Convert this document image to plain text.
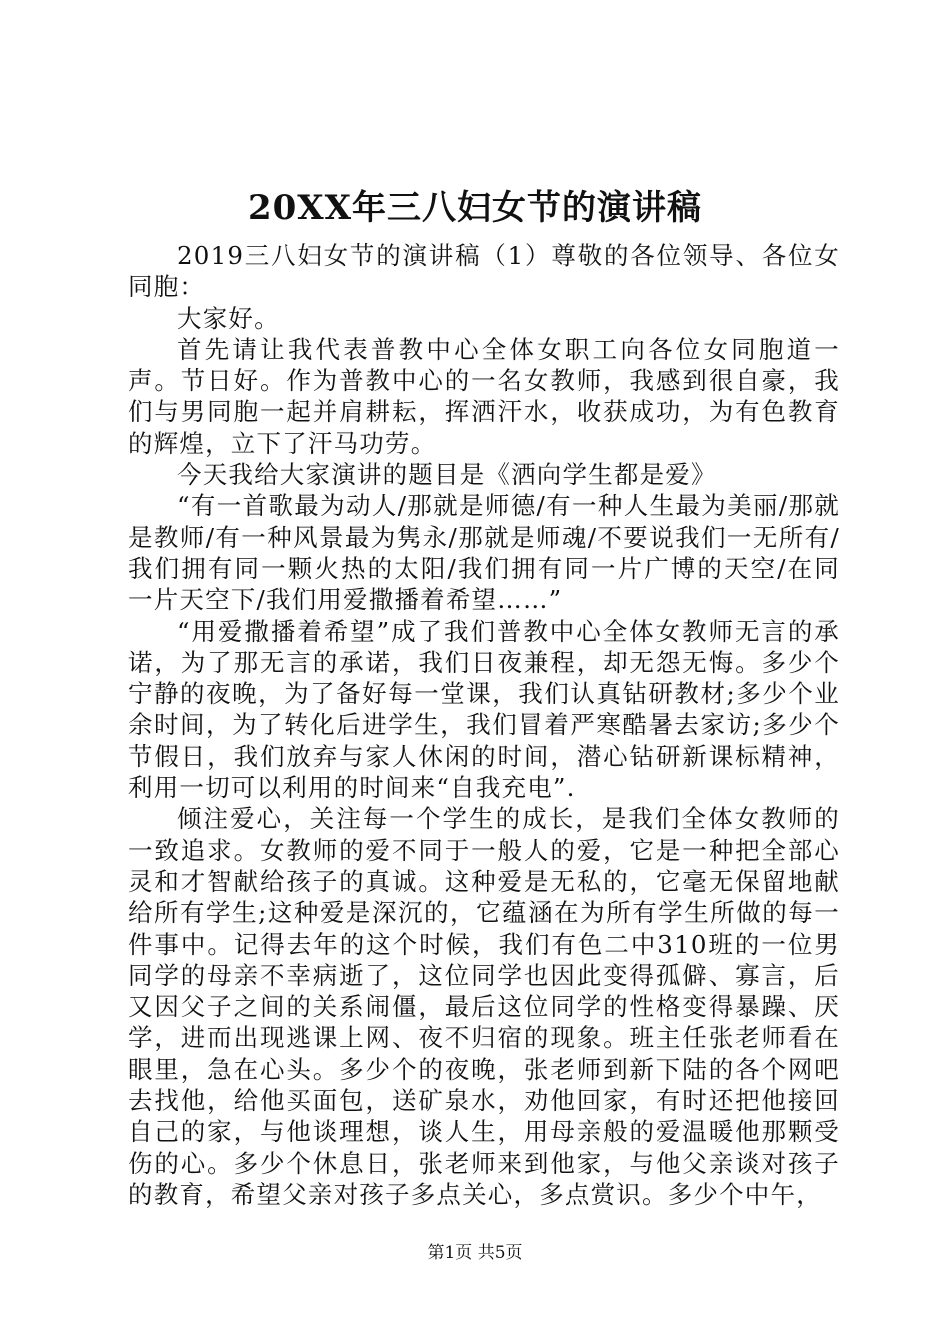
20XX年三八妇女节的演讲稿

2019三八妇女节的演讲稿（1）尊敬的各位领导、各位女同胞：

大家好。

首先请让我代表普教中心全体女职工向各位女同胞道一声。节日好。作为普教中心的一名女教师，我感到很自豪，我们与男同胞一起并肩耕耘，挥洒汗水，收获成功，为有色教育的辉煌，立下了汗马功劳。

今天我给大家演讲的题目是《洒向学生都是爱》

“有一首歌最为动人/那就是师德/有一种人生最为美丽/那就是教师/有一种风景最为隽永/那就是师魂/不要说我们一无所有/我们拥有同一颗火热的太阳/我们拥有同一片广博的天空/在同一片天空下/我们用爱撒播着希望……”

“用爱撒播着希望”成了我们普教中心全体女教师无言的承诺，为了那无言的承诺，我们日夜兼程，却无怨无悔。多少个宁静的夜晚，为了备好每一堂课，我们认真钻研教材;多少个业余时间，为了转化后进学生，我们冒着严寒酷暑去家访;多少个节假日，我们放弃与家人休闲的时间，潜心钻研新课标精神，利用一切可以利用的时间来“自我充电”.

倾注爱心，关注每一个学生的成长，是我们全体女教师的一致追求。女教师的爱不同于一般人的爱，它是一种把全部心灵和才智献给孩子的真诚。这种爱是无私的，它毫无保留地献给所有学生;这种爱是深沉的，它蕴涵在为所有学生所做的每一件事中。记得去年的这个时候，我们有色二中310班的一位男同学的母亲不幸病逝了，这位同学也因此变得孤僻、寡言，后又因父子之间的关系闹僵，最后这位同学的性格变得暴躁、厌学，进而出现逃课上网、夜不归宿的现象。班主任张老师看在眼里，急在心头。多少个的夜晚，张老师到新下陆的各个网吧去找他，给他买面包，送矿泉水，劝他回家，有时还把他接回自己的家，与他谈理想，谈人生，用母亲般的爱温暖他那颗受伤的心。多少个休息日，张老师来到他家，与他父亲谈对孩子的教育，希望父亲对孩子多点关心，多点赏识。多少个中午，

第1页 共5页
